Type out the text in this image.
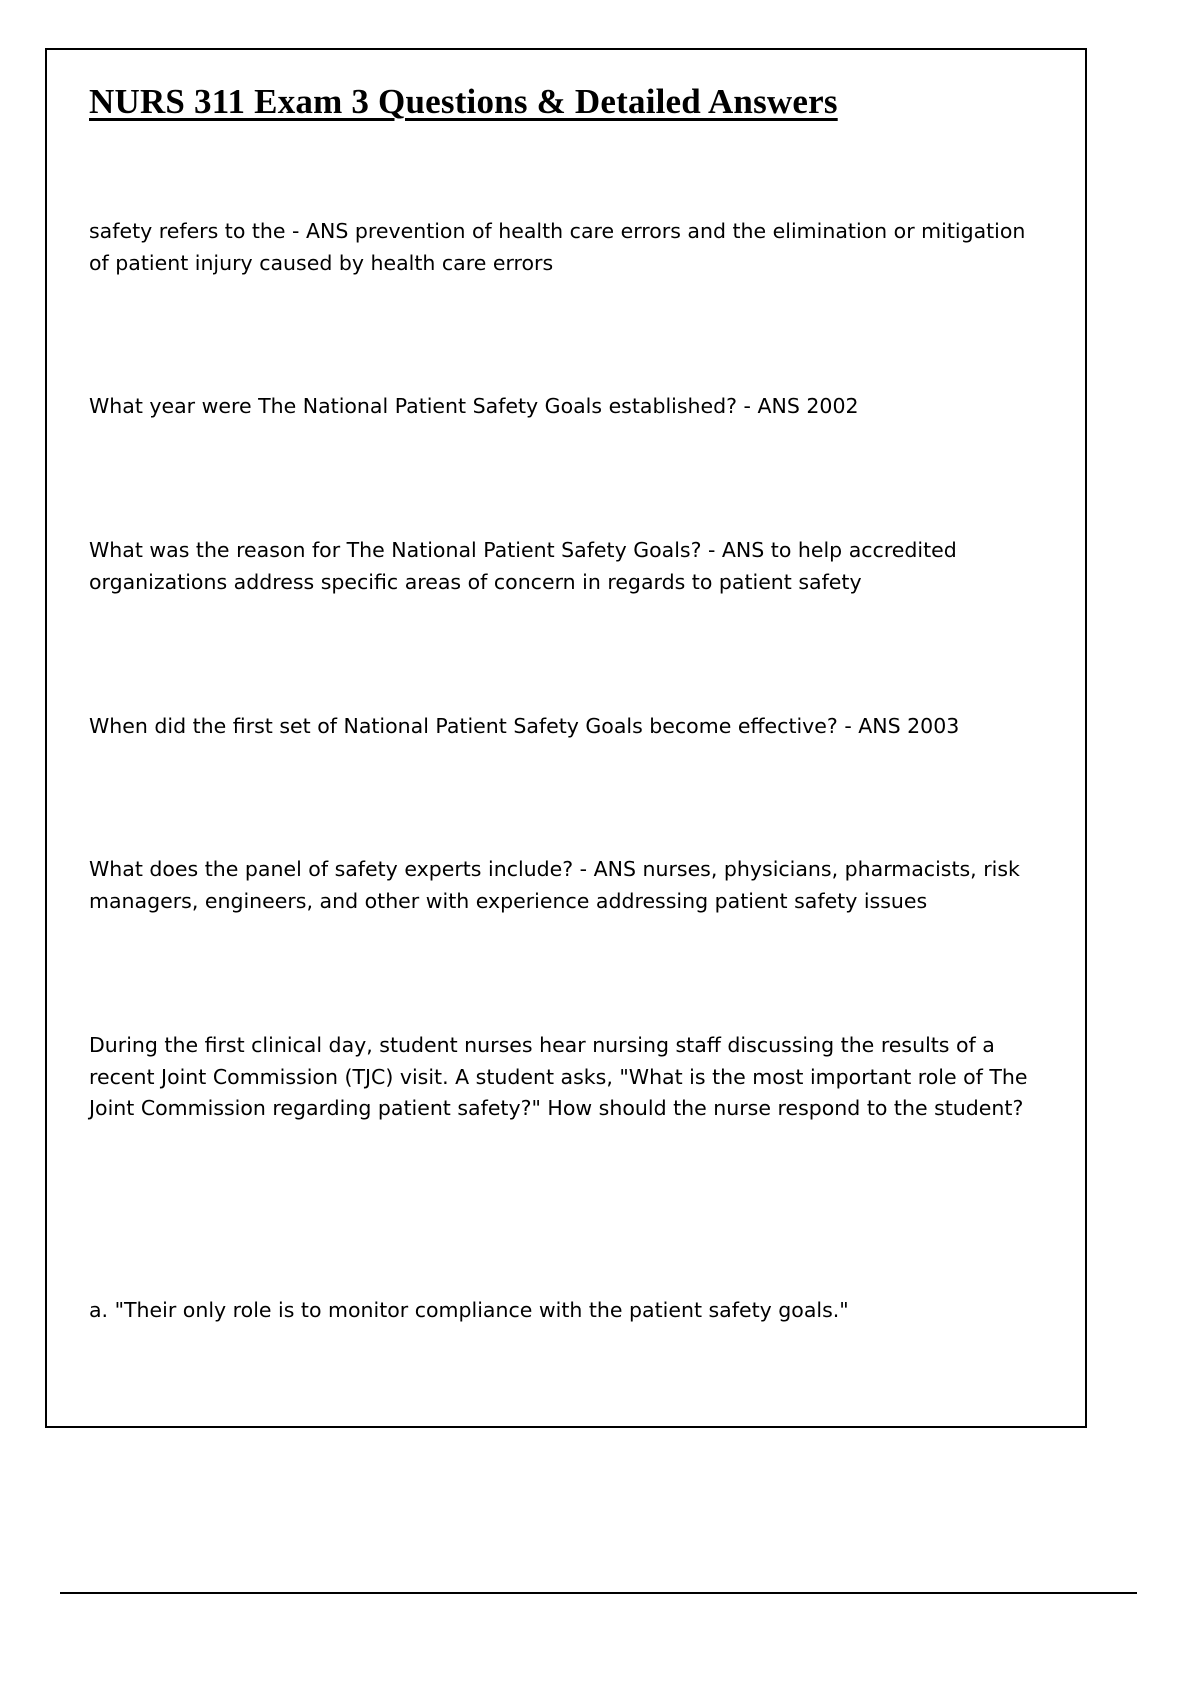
NURS 311 Exam 3 Questions & Detailed Answers

safety refers to the - ANS prevention of health care errors and the elimination or mitigation of patient injury caused by health care errors

What year were The National Patient Safety Goals established? - ANS 2002

What was the reason for The National Patient Safety Goals? - ANS to help accredited organizations address specific areas of concern in regards to patient safety

When did the first set of National Patient Safety Goals become effective? - ANS 2003

What does the panel of safety experts include? - ANS nurses, physicians, pharmacists, risk managers, engineers, and other with experience addressing patient safety issues

During the first clinical day, student nurses hear nursing staff discussing the results of a recent Joint Commission (TJC) visit. A student asks, "What is the most important role of The Joint Commission regarding patient safety?" How should the nurse respond to the student?

a. "Their only role is to monitor compliance with the patient safety goals."
